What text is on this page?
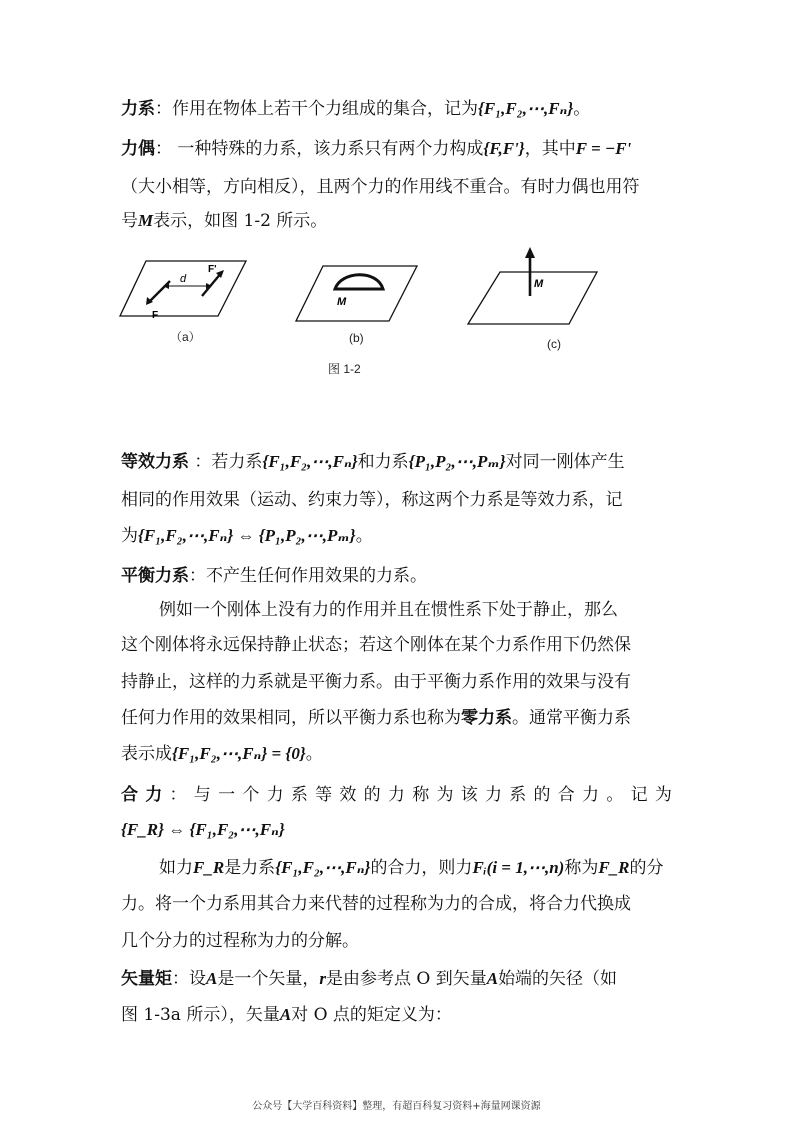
力系：作用在物体上若干个力组成的集合，记为{F₁,F₂,⋯,Fₙ}。
力偶： 一种特殊的力系，该力系只有两个力构成{F,F'}，其中F = −F'
（大小相等，方向相反），且两个力的作用线不重合。有时力偶也用符
号M表示，如图 1-2 所示。
d
F
F'
（a）
M
(b)
M
(c)
图 1-2
等效力系 ：若力系{F₁,F₂,⋯,Fₙ}和力系{P₁,P₂,⋯,Pₘ}对同一刚体产生
相同的作用效果（运动、约束力等），称这两个力系是等效力系，记
为{F₁,F₂,⋯,Fₙ} ⇔ {P₁,P₂,⋯,Pₘ}。
平衡力系：不产生任何作用效果的力系。
例如一个刚体上没有力的作用并且在惯性系下处于静止，那么
这个刚体将永远保持静止状态；若这个刚体在某个力系作用下仍然保
持静止，这样的力系就是平衡力系。由于平衡力系作用的效果与没有
任何力作用的效果相同，所以平衡力系也称为零力系。通常平衡力系
表示成{F₁,F₂,⋯,Fₙ} = {0}。
合 力 ： 与 一 个 力 系 等 效 的 力 称 为 该 力 系 的 合 力 。 记 为
{F_R} ⇔ {F₁,F₂,⋯,Fₙ}
如力F_R是力系{F₁,F₂,⋯,Fₙ}的合力，则力Fᵢ(i = 1,⋯,n)称为F_R的分
力。将一个力系用其合力来代替的过程称为力的合成，将合力代换成
几个分力的过程称为力的分解。
矢量矩：设A是一个矢量，r是由参考点 O 到矢量A始端的矢径（如
图 1-3a 所示），矢量A对 O 点的矩定义为：
公众号【大学百科资料】整理，有超百科复习资料+海量网课资源
